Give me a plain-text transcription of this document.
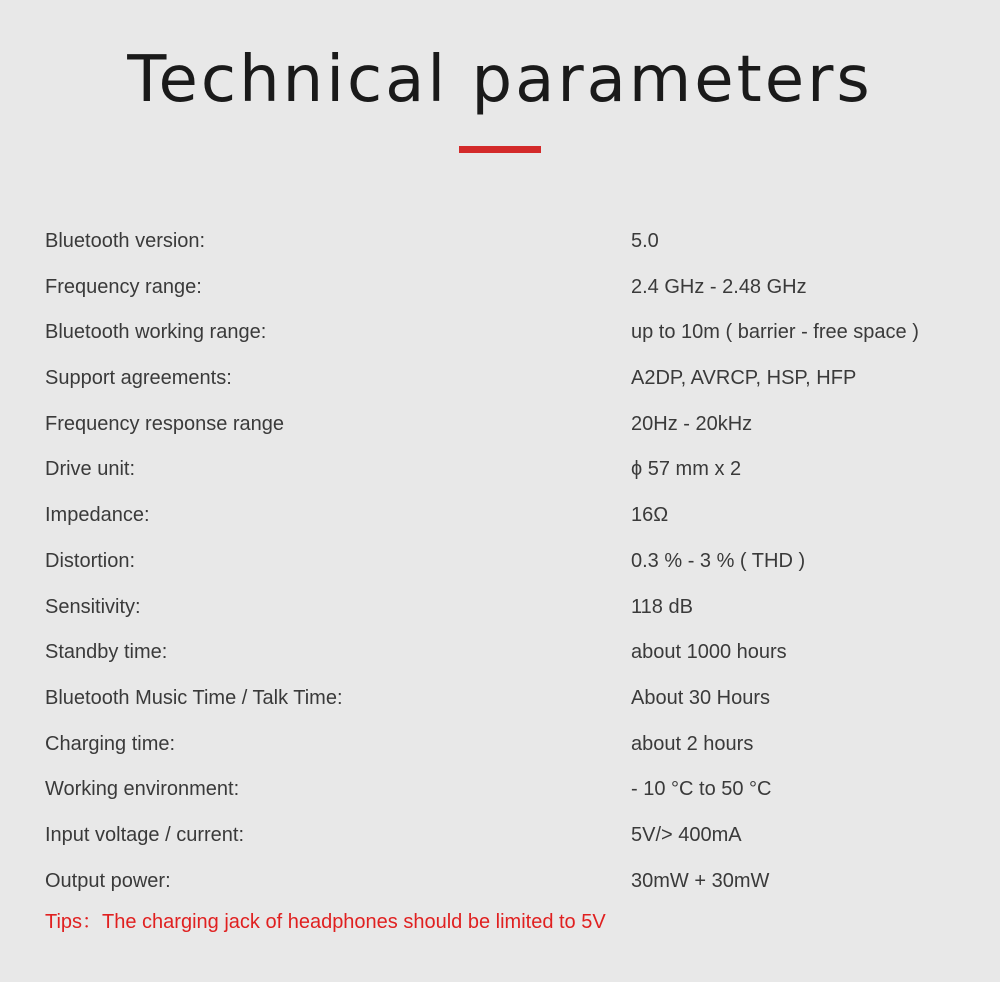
Technical parameters
Bluetooth version:	5.0
Frequency range:	2.4 GHz - 2.48 GHz
Bluetooth working range:	up to 10m ( barrier - free space )
Support agreements:	A2DP, AVRCP, HSP, HFP
Frequency response range	20Hz - 20kHz
Drive unit:	ϕ 57 mm x 2
Impedance:	16Ω
Distortion:	0.3 % - 3 % ( THD )
Sensitivity:	118 dB
Standby time:	about 1000 hours
Bluetooth Music Time / Talk Time:	About 30 Hours
Charging time:	about 2 hours
Working environment:	- 10 °C to 50 °C
Input voltage / current:	5V/> 400mA
Output power:	30mW + 30mW
Tips：The charging jack of headphones should be limited to 5V
